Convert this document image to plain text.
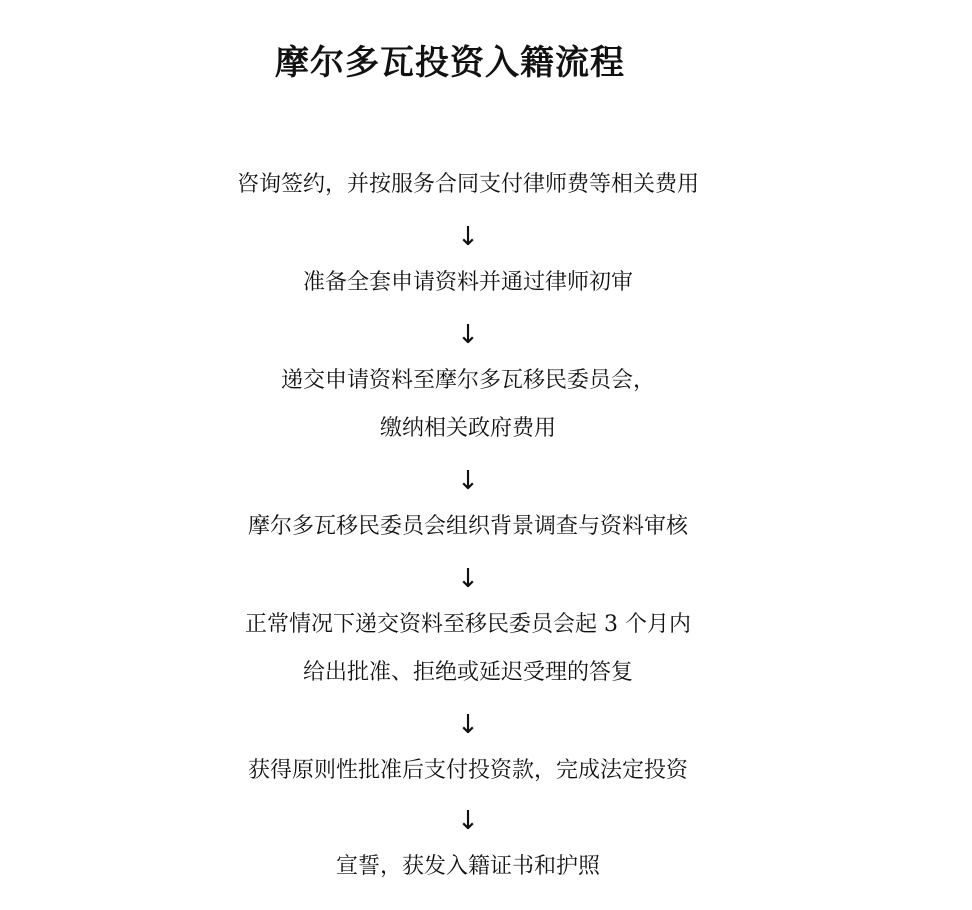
摩尔多瓦投资入籍流程
咨询签约，并按服务合同支付律师费等相关费用
↓
准备全套申请资料并通过律师初审
↓
递交申请资料至摩尔多瓦移民委员会，
缴纳相关政府费用
↓
摩尔多瓦移民委员会组织背景调查与资料审核
↓
正常情况下递交资料至移民委员会起 3 个月内
给出批准、拒绝或延迟受理的答复
↓
获得原则性批准后支付投资款，完成法定投资
↓
宣誓，获发入籍证书和护照
